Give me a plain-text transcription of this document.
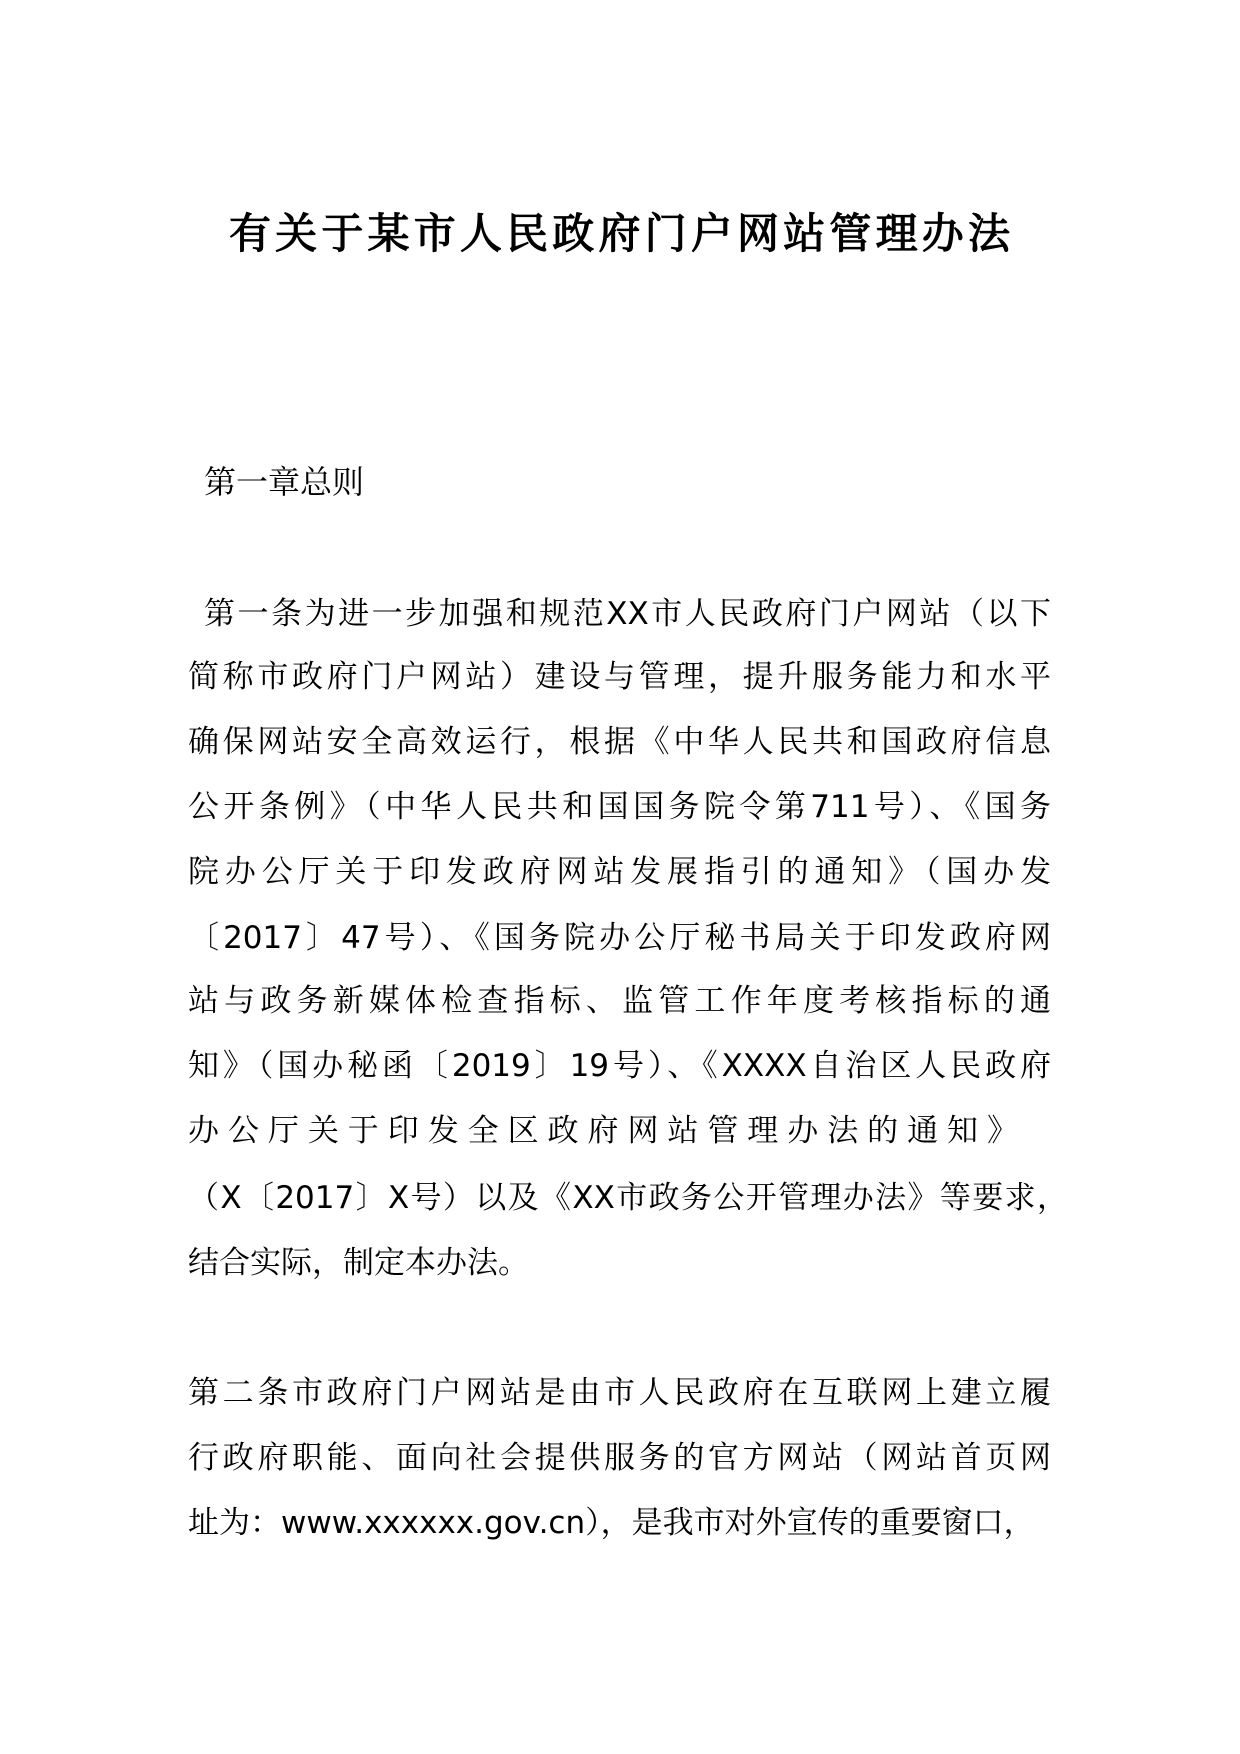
有关于某市人民政府门户网站管理办法
第一章总则
第一条为进一步加强和规范XX市人民政府门户网站（以下
简称市政府门户网站）建设与管理，提升服务能力和水平
确保网站安全高效运行，根据《中华人民共和国政府信息
公开条例》（中华人民共和国国务院令第711号）、《国务
院办公厅关于印发政府网站发展指引的通知》（国办发
〔2017〕47号）、《国务院办公厅秘书局关于印发政府网
站与政务新媒体检查指标、监管工作年度考核指标的通
知》（国办秘函〔2019〕19号）、《XXXX自治区人民政府
办公厅关于印发全区政府网站管理办法的通知》
（X〔2017〕X号）以及《XX市政务公开管理办法》等要求，
结合实际，制定本办法。
第二条市政府门户网站是由市人民政府在互联网上建立履
行政府职能、面向社会提供服务的官方网站（网站首页网
址为：www.xxxxxx.gov.cn），是我市对外宣传的重要窗口，
